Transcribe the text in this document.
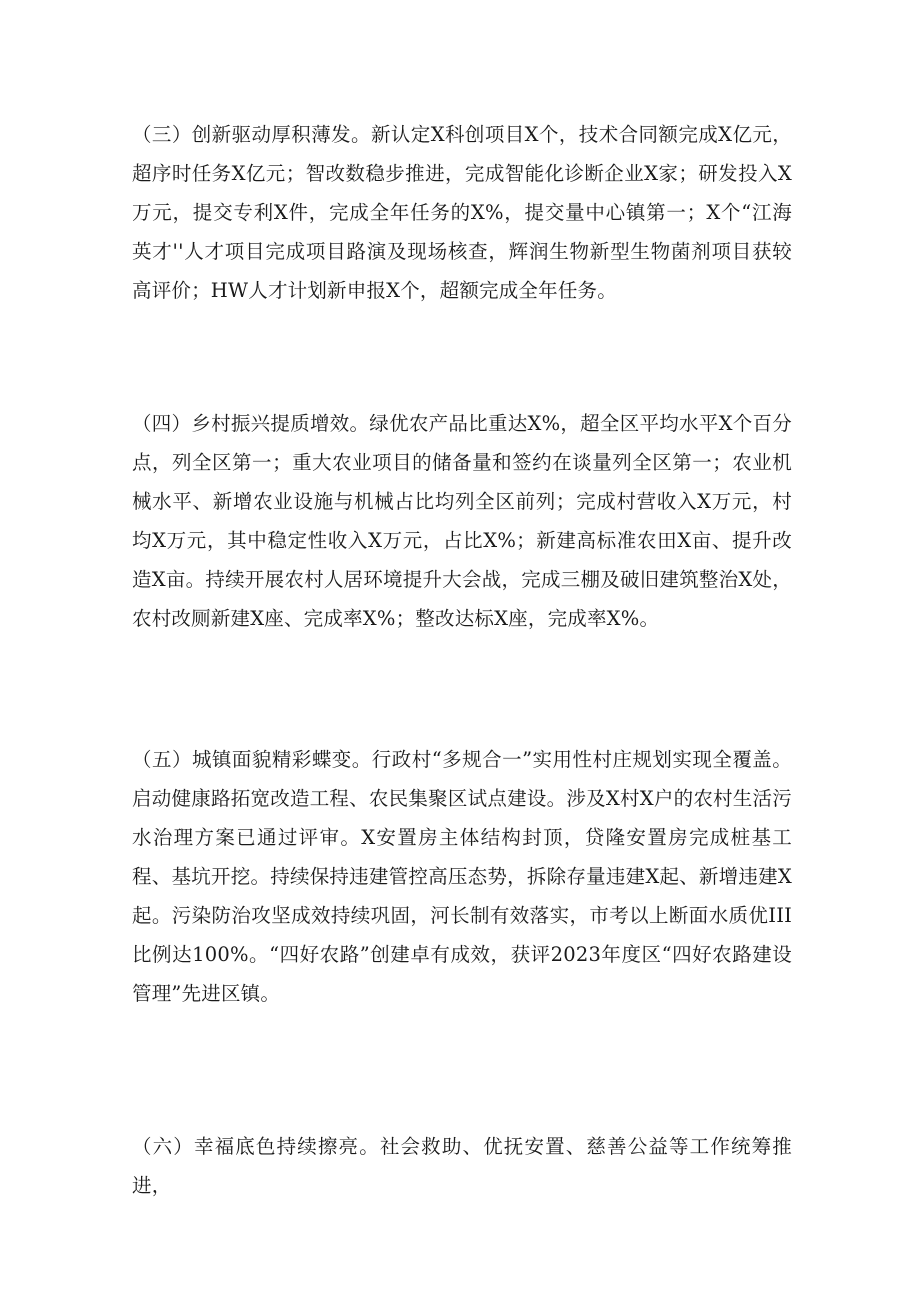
（三）创新驱动厚积薄发。新认定X科创项目X个，技术合同额完成X亿元，超序时任务X亿元；智改数稳步推进，完成智能化诊断企业X家；研发投入X万元，提交专利X件，完成全年任务的X%，提交量中心镇第一；X个“江海英才''人才项目完成项目路演及现场核查，辉润生物新型生物菌剂项目获较高评价；HW人才计划新申报X个，超额完成全年任务。

（四）乡村振兴提质增效。绿优农产品比重达X%，超全区平均水平X个百分点，列全区第一；重大农业项目的储备量和签约在谈量列全区第一；农业机械水平、新增农业设施与机械占比均列全区前列；完成村营收入X万元，村均X万元，其中稳定性收入X万元，占比X%；新建高标准农田X亩、提升改造X亩。持续开展农村人居环境提升大会战，完成三棚及破旧建筑整治X处，农村改厕新建X座、完成率X%；整改达标X座，完成率X%。

（五）城镇面貌精彩蝶变。行政村“多规合一”实用性村庄规划实现全覆盖。启动健康路拓宽改造工程、农民集聚区试点建设。涉及X村X户的农村生活污水治理方案已通过评审。X安置房主体结构封顶，贷隆安置房完成桩基工程、基坑开挖。持续保持违建管控高压态势，拆除存量违建X起、新增违建X起。污染防治攻坚成效持续巩固，河长制有效落实，市考以上断面水质优III比例达100%。“四好农路”创建卓有成效，获评2023年度区“四好农路建设管理”先进区镇。

（六）幸福底色持续擦亮。社会救助、优抚安置、慈善公益等工作统筹推进，
